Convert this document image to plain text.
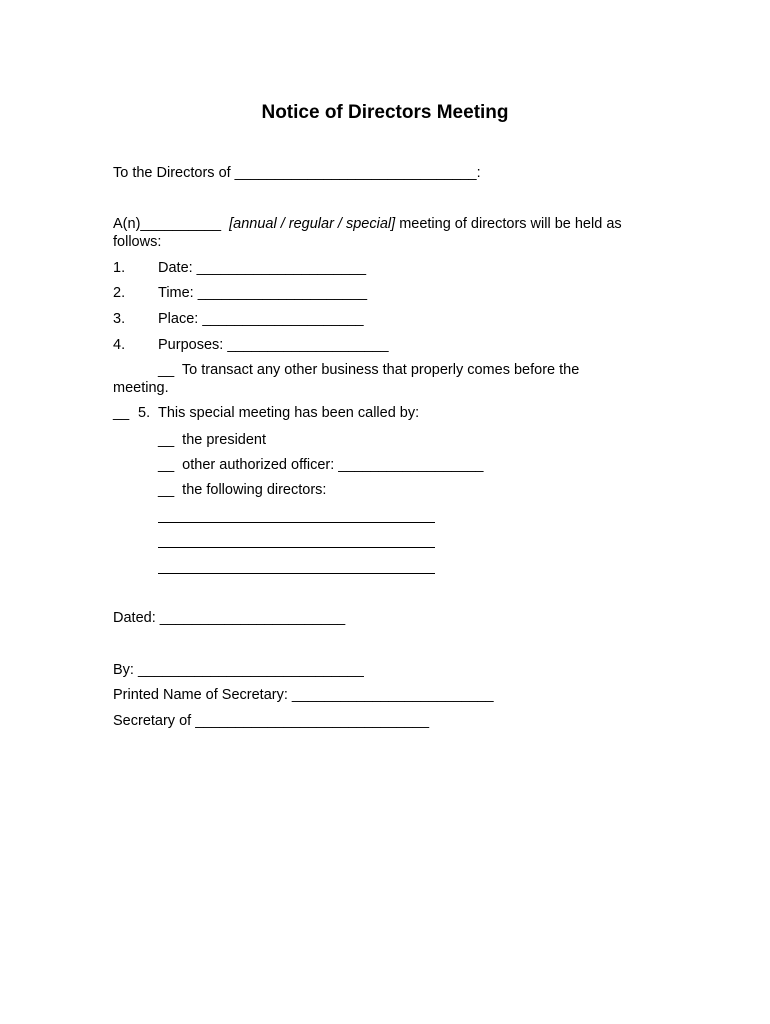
Notice of Directors Meeting
To the Directors of ______________________________:
A(n)__________ [annual / regular / special] meeting of directors will be held as
follows:
1. Date: _____________________
2. Time: _____________________
3. Place: ____________________
4. Purposes: ____________________
__  To transact any other business that properly comes before the
meeting.
__ 5. This special meeting has been called by:
__  the president
__  other authorized officer: __________________
__  the following directors:
Dated: _______________________
By: ____________________________
Printed Name of Secretary: _________________________
Secretary of _____________________________
